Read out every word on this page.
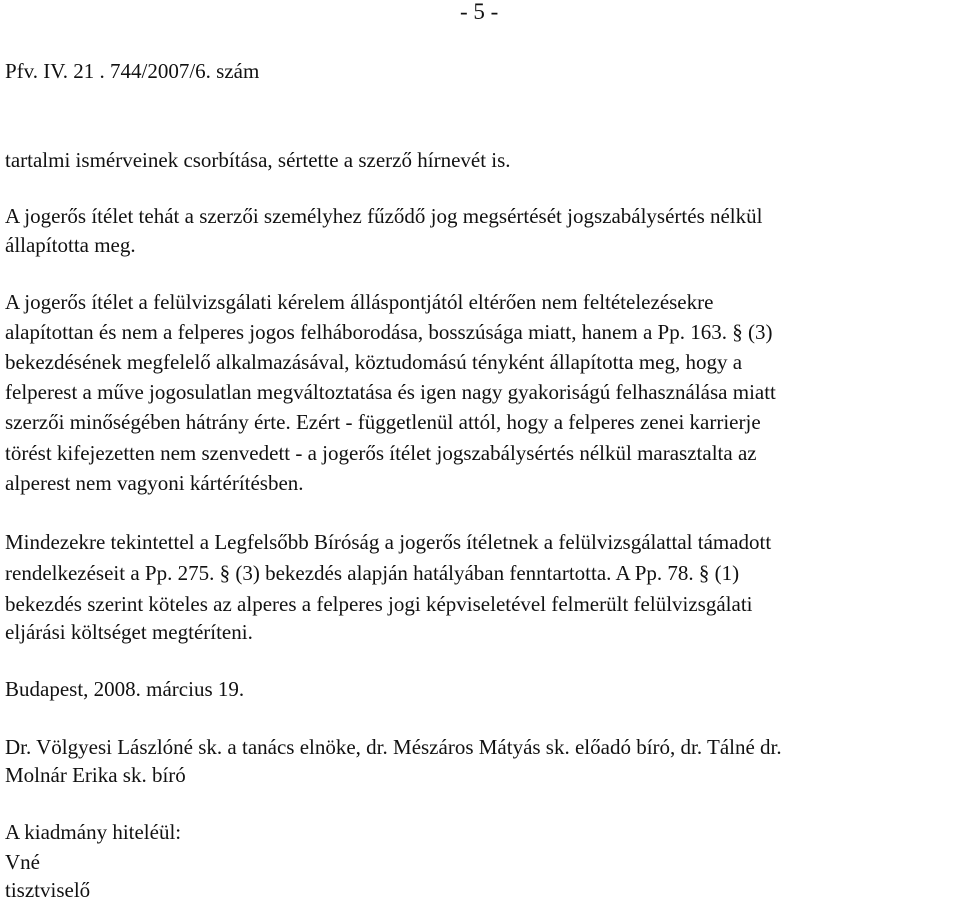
- 5 -
Pfv. IV. 21 . 744/2007/6. szám
tartalmi ismérveinek csorbítása, sértette a szerző hírnevét is.
A jogerős ítélet tehát a szerzői személyhez fűződő jog megsértését jogszabálysértés nélkül
állapította meg.
A jogerős ítélet a felülvizsgálati kérelem álláspontjától eltérően nem feltételezésekre
alapítottan és nem a felperes jogos felháborodása, bosszúsága miatt, hanem a Pp. 163. § (3)
bekezdésének megfelelő alkalmazásával, köztudomású tényként állapította meg, hogy a
felperest a műve jogosulatlan megváltoztatása és igen nagy gyakoriságú felhasználása miatt
szerzői minőségében hátrány érte. Ezért - függetlenül attól, hogy a felperes zenei karrierje
törést kifejezetten nem szenvedett - a jogerős ítélet jogszabálysértés nélkül marasztalta az
alperest nem vagyoni kártérítésben.
Mindezekre tekintettel a Legfelsőbb Bíróság a jogerős ítéletnek a felülvizsgálattal támadott
rendelkezéseit a Pp. 275. § (3) bekezdés alapján hatályában fenntartotta. A Pp. 78. § (1)
bekezdés szerint köteles az alperes a felperes jogi képviseletével felmerült felülvizsgálati
eljárási költséget megtéríteni.
Budapest, 2008. március 19.
Dr. Völgyesi Lászlóné sk. a tanács elnöke, dr. Mészáros Mátyás sk. előadó bíró, dr. Tálné dr.
Molnár Erika sk. bíró
A kiadmány hiteléül:
Vné
tisztviselő
